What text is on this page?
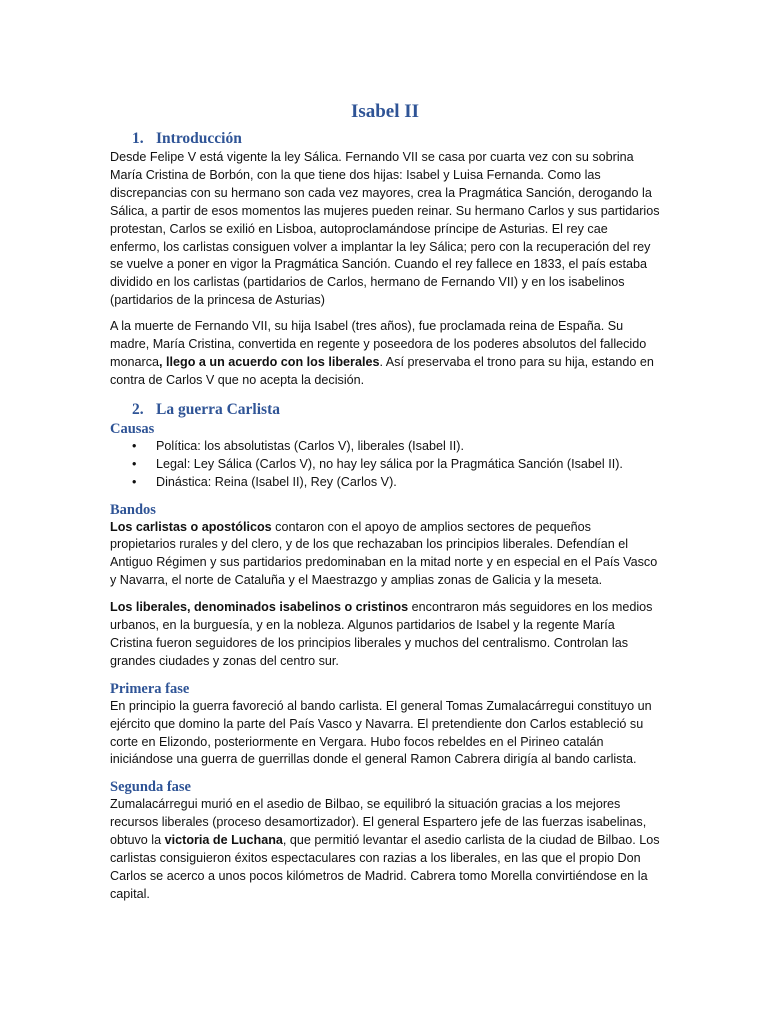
Isabel II
1. Introducción

Desde Felipe V está vigente la ley Sálica. Fernando VII se casa por cuarta vez con su sobrina María Cristina de Borbón, con la que tiene dos hijas: Isabel y Luisa Fernanda. Como las discrepancias con su hermano son cada vez mayores, crea la Pragmática Sanción, derogando la Sálica, a partir de esos momentos las mujeres pueden reinar. Su hermano Carlos y sus partidarios protestan, Carlos se exilió en Lisboa, autoproclamándose príncipe de Asturias. El rey cae enfermo, los carlistas consiguen volver a implantar la ley Sálica; pero con la recuperación del rey se vuelve a poner en vigor la Pragmática Sanción. Cuando el rey fallece en 1833, el país estaba dividido en los carlistas (partidarios de Carlos, hermano de Fernando VII) y en los isabelinos (partidarios de la princesa de Asturias)

A la muerte de Fernando VII, su hija Isabel (tres años), fue proclamada reina de España. Su madre, María Cristina, convertida en regente y poseedora de los poderes absolutos del fallecido monarca, llego a un acuerdo con los liberales. Así preservaba el trono para su hija, estando en contra de Carlos V que no acepta la decisión.

2. La guerra Carlista
Causas
• Política: los absolutistas (Carlos V), liberales (Isabel II).
• Legal: Ley Sálica (Carlos V), no hay ley sálica por la Pragmática Sanción (Isabel II).
• Dinástica: Reina (Isabel II), Rey (Carlos V).
Bandos

Los carlistas o apostólicos contaron con el apoyo de amplios sectores de pequeños propietarios rurales y del clero, y de los que rechazaban los principios liberales. Defendían el Antiguo Régimen y sus partidarios predominaban en la mitad norte y en especial en el País Vasco y Navarra, el norte de Cataluña y el Maestrazgo y amplias zonas de Galicia y la meseta.

Los liberales, denominados isabelinos o cristinos encontraron más seguidores en los medios urbanos, en la burguesía, y en la nobleza. Algunos partidarios de Isabel y la regente María Cristina fueron seguidores de los principios liberales y muchos del centralismo. Controlan las grandes ciudades y zonas del centro sur.

Primera fase

En principio la guerra favoreció al bando carlista. El general Tomas Zumalacárregui constituyo un ejército que domino la parte del País Vasco y Navarra. El pretendiente don Carlos estableció su corte en Elizondo, posteriormente en Vergara. Hubo focos rebeldes en el Pirineo catalán iniciándose una guerra de guerrillas donde el general Ramon Cabrera dirigía al bando carlista.

Segunda fase

Zumalacárregui murió en el asedio de Bilbao, se equilibró la situación gracias a los mejores recursos liberales (proceso desamortizador). El general Espartero jefe de las fuerzas isabelinas, obtuvo la victoria de Luchana, que permitió levantar el asedio carlista de la ciudad de Bilbao. Los carlistas consiguieron éxitos espectaculares con razias a los liberales, en las que el propio Don Carlos se acerco a unos pocos kilómetros de Madrid. Cabrera tomo Morella convirtiéndose en la capital.
